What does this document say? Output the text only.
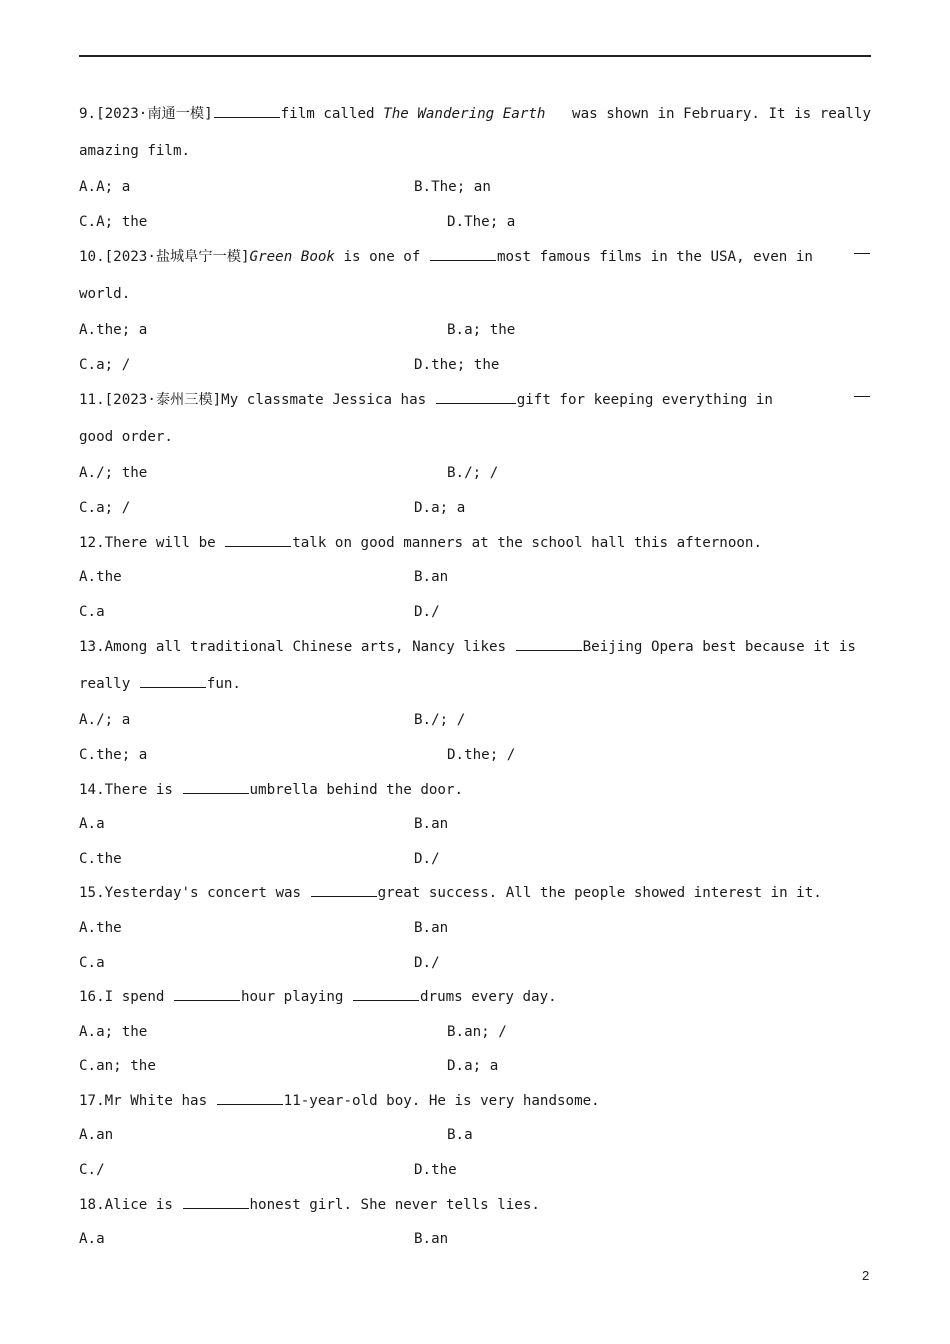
9.[2023·南通一模]	film called The Wandering Earth was shown in February. It is really
amazing film.
A.A; a	B.The; an
C.A; the	D.The; a
10.[2023·盐城阜宁一模]Green Book is one of	most famous films in the USA, even in
world.
A.the; a	B.a; the
C.a; /	D.the; the
11.[2023·泰州三模]My classmate Jessica has	gift for keeping everything in
good order.
A./; the	B./; /
C.a; /	D.a; a
12.There will be	talk on good manners at the school hall this afternoon.
A.the	B.an
C.a	D./
13.Among all traditional Chinese arts, Nancy likes	Beijing Opera best because it is
really	fun.
A./; a	B./; /
C.the; a	D.the; /
14.There is	umbrella behind the door.
A.a	B.an
C.the	D./
15.Yesterday's concert was	great success. All the people showed interest in it.
A.the	B.an
C.a	D./
16.I spend	hour playing	drums every day.
A.a; the	B.an; /
C.an; the	D.a; a
17.Mr White has	11-year-old boy. He is very handsome.
A.an	B.a
C./	D.the
18.Alice is	honest girl. She never tells lies.
A.a	B.an
2
